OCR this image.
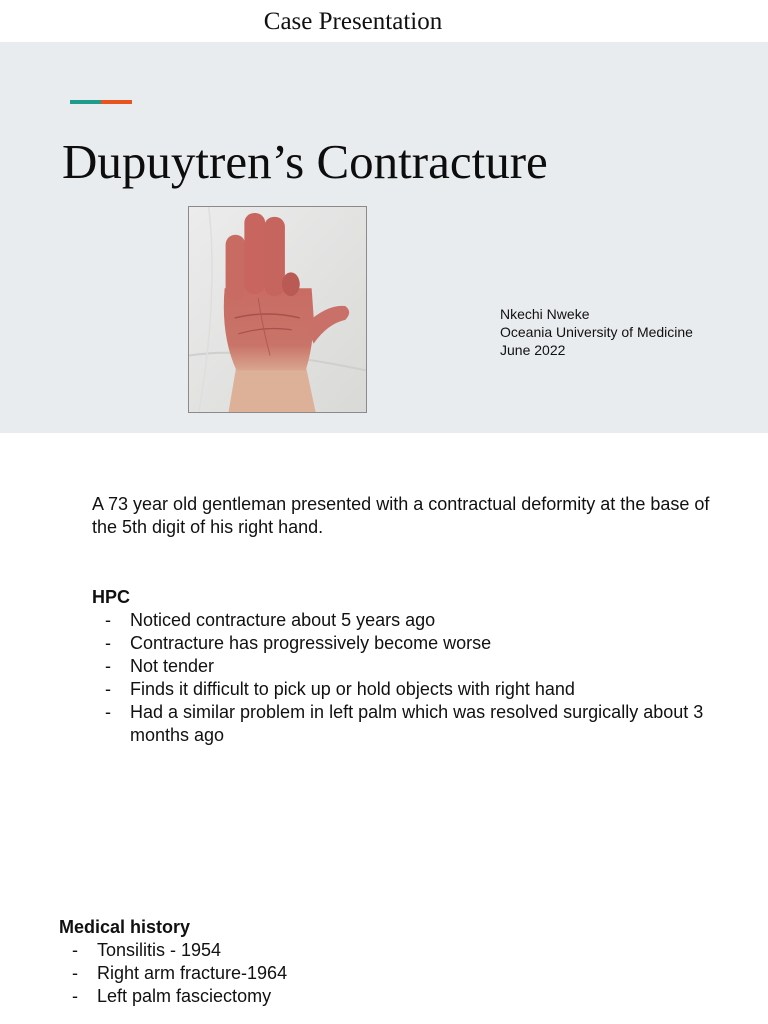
Case Presentation
Dupuytren’s Contracture
Nkechi Nweke
Oceania University of Medicine
June 2022

A 73 year old gentleman presented with a contractual deformity at the base of the 5th digit of his right hand.

HPC
- Noticed contracture about 5 years ago
- Contracture has progressively become worse
- Not tender
- Finds it difficult to pick up or hold objects with right hand
- Had a similar problem in left palm which was resolved surgically about 3 months ago
Medical history
- Tonsilitis - 1954
- Right arm fracture-1964
- Left palm fasciectomy
